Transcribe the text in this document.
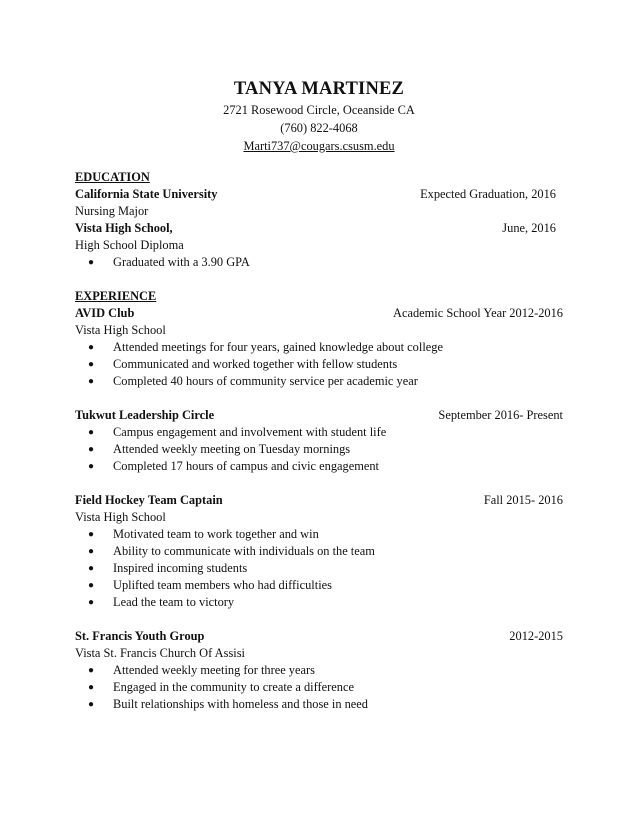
TANYA MARTINEZ
2721 Rosewood Circle, Oceanside CA
(760) 822-4068
Marti737@cougars.csusm.edu
EDUCATION
California State University	Expected Graduation, 2016
Nursing Major
Vista High School,	June, 2016
High School Diploma
● Graduated with a 3.90 GPA
EXPERIENCE
AVID Club	Academic School Year 2012-2016
Vista High School
● Attended meetings for four years, gained knowledge about college
● Communicated and worked together with fellow students
● Completed 40 hours of community service per academic year
Tukwut Leadership Circle	September 2016- Present
● Campus engagement and involvement with student life
● Attended weekly meeting on Tuesday mornings
● Completed 17 hours of campus and civic engagement
Field Hockey Team Captain	Fall 2015- 2016
Vista High School
● Motivated team to work together and win
● Ability to communicate with individuals on the team
● Inspired incoming students
● Uplifted team members who had difficulties
● Lead the team to victory
St. Francis Youth Group	2012-2015
Vista St. Francis Church Of Assisi
● Attended weekly meeting for three years
● Engaged in the community to create a difference
● Built relationships with homeless and those in need
